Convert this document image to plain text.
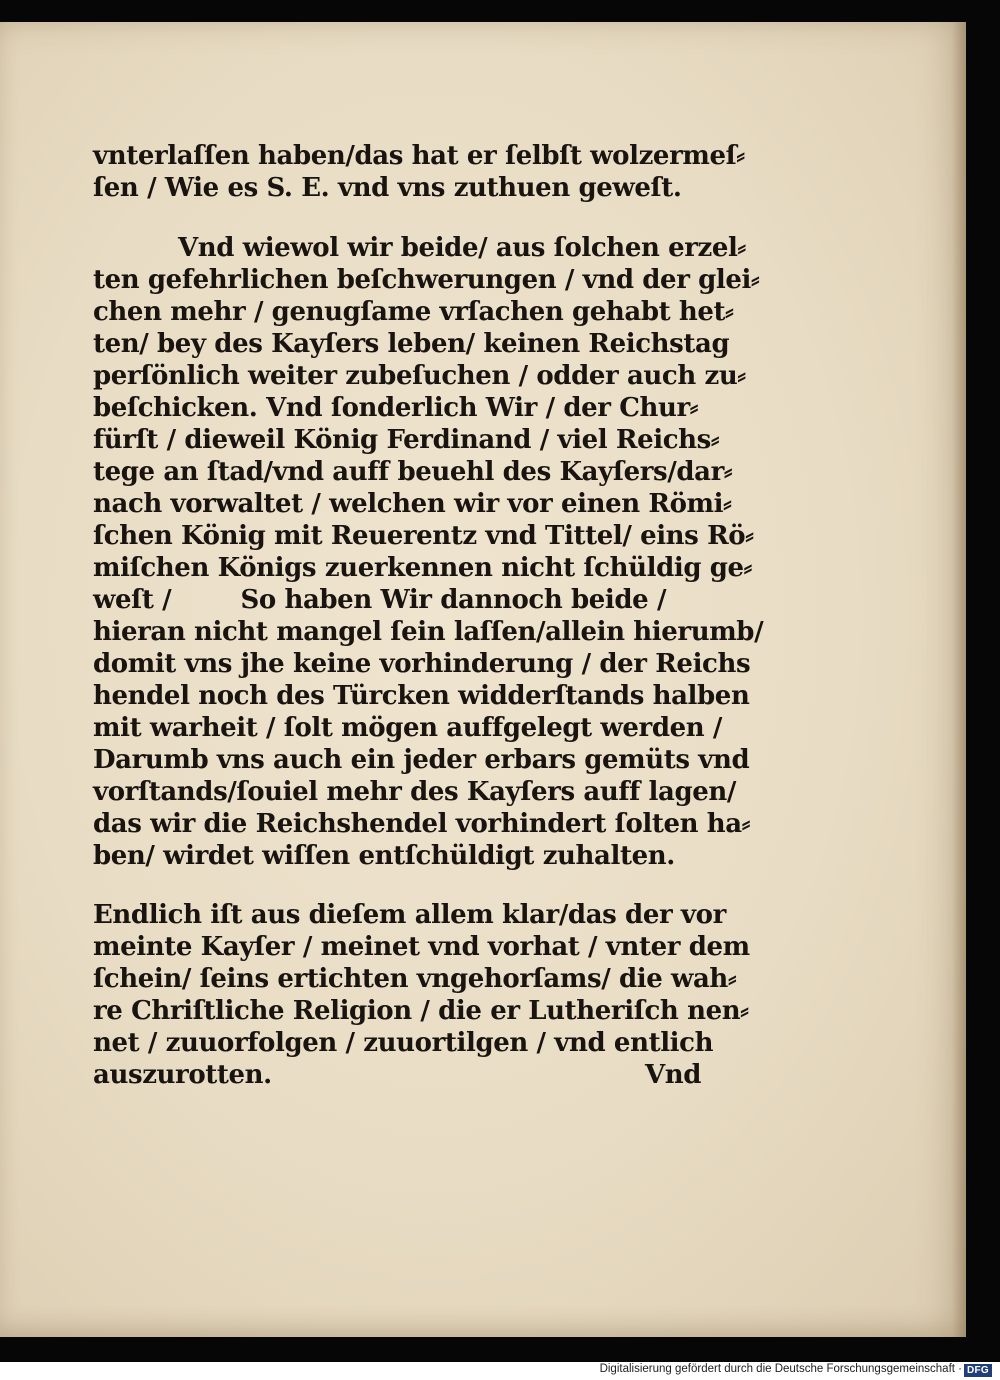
vnterlaſſen haben/das hat er ſelbſt wolzermeſ⸗
ſen / Wie es S. E. vnd vns zuthuen geweſt.
Vnd wiewol wir beide/ aus ſolchen erzel⸗
ten gefehrlichen beſchwerungen / vnd der glei⸗
chen mehr / genugſame vrſachen gehabt het⸗
ten/ bey des Kayſers leben/ keinen Reichstag
perſönlich weiter zubeſuchen / odder auch zu⸗
beſchicken. Vnd ſonderlich Wir / der Chur⸗
fürſt / dieweil König Ferdinand / viel Reichs⸗
tege an ſtad/vnd auff beuehl des Kayſers/dar⸗
nach vorwaltet / welchen wir vor einen Römi⸗
ſchen König mit Reuerentz vnd Tittel/ eins Rö⸗
miſchen Königs zuerkennen nicht ſchüldig ge⸗
weſt /        So haben Wir dannoch beide /
hieran nicht mangel ſein laſſen/allein hierumb/
domit vns jhe keine vorhinderung / der Reichs
hendel noch des Türcken widderſtands halben
mit warheit / ſolt mögen auffgelegt werden /
Darumb vns auch ein jeder erbars gemüts vnd
vorſtands/ſouiel mehr des Kayſers auff lagen/
das wir die Reichshendel vorhindert ſolten ha⸗
ben/ wirdet wiſſen entſchüldigt zuhalten.
Endlich iſt aus dieſem allem klar/das der vor
meinte Kayſer / meinet vnd vorhat / vnter dem
ſchein/ ſeins ertichten vngehorſams/ die wah⸗
re Chriſtliche Religion / die er Lutheriſch nen⸗
net / zuuorfolgen / zuuortilgen / vnd entlich
auszurotten.	Vnd
Digitalisierung gefördert durch die Deutsche Forschungsgemeinschaft · DFG
